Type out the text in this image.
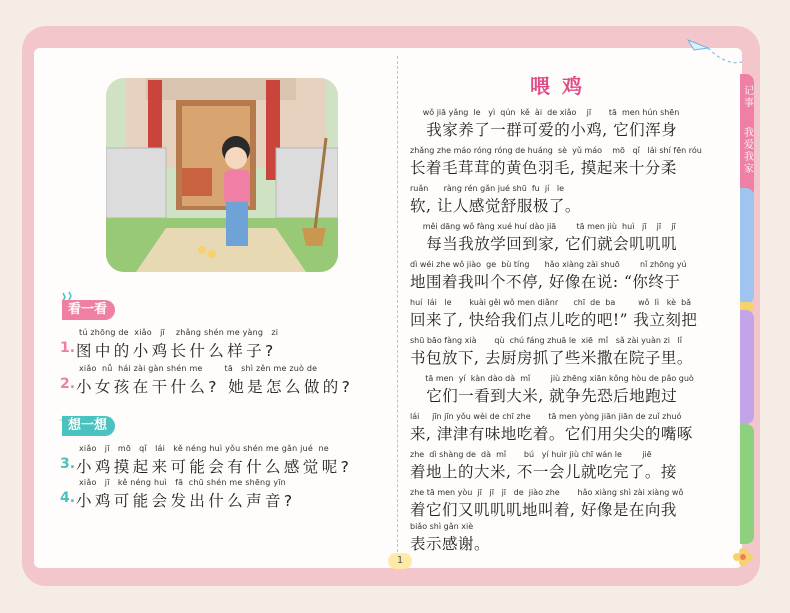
记事
我爱我家
看一看
1.
tú zhōng de  xiǎo   jī    zhǎng shén me yàng   zi
图中的小鸡长什么样子?
2.
xiǎo  nǚ  hái zài gàn shén me        tā   shì zěn me zuò de
小女孩在干什么? 她是怎么做的?
想一想
3.
xiǎo   jī   mō   qǐ   lái   kě néng huì yǒu shén me gǎn jué  ne
小鸡摸起来可能会有什么感觉呢?
4.
xiǎo   jī   kě néng huì   fā  chū shén me shēng yīn
小鸡可能会发出什么声音?
喂鸡
wǒ jiā yǎng  le   yì  qún  kě  ài  de xiǎo    jī       tā  men hún shēn
我家养了一群可爱的小鸡, 它们浑身
zhǎng zhe máo róng róng de huáng  sè  yǔ máo    mō   qǐ   lái shí fēn róu
长着毛茸茸的黄色羽毛, 摸起来十分柔
ruǎn      ràng rén gǎn jué shū  fu  jí   le
软, 让人感觉舒服极了。
měi dāng wǒ fàng xué huí dào jiā        tā men jiù  huì   jī    jī    jī
每当我放学回到家, 它们就会叽叽叽
dì wéi zhe wǒ jiào  ge  bù tíng      hǎo xiàng zài shuō        nǐ zhōng yú
地围着我叫个不停, 好像在说: “你终于
huí  lái   le       kuài gěi wǒ men diǎnr      chī  de  ba         wǒ  lì   kè  bǎ
回来了, 快给我们点儿吃的吧!” 我立刻把
shū bāo fàng xià       qù  chú fáng zhuā le  xiē  mǐ   sǎ zài yuàn zi   lǐ
书包放下, 去厨房抓了些米撒在院子里。
tā men  yí  kàn dào dà  mǐ        jiù zhēng xiān kǒng hòu de pǎo guò
它们一看到大米, 就争先恐后地跑过
lái     jīn jīn yǒu wèi de chī zhe       tā men yòng jiān jiān de zuǐ zhuó
来, 津津有味地吃着。它们用尖尖的嘴啄
zhe  dì shàng de  dà  mǐ       bú   yí huìr jiù chī wán le        jiē
着地上的大米, 不一会儿就吃完了。接
zhe tā men yòu  jī   jī   jī   de  jiào zhe       hǎo xiàng shì zài xiàng wǒ
着它们又叽叽叽地叫着, 好像是在向我
biǎo shì gǎn xiè
表示感谢。
1
